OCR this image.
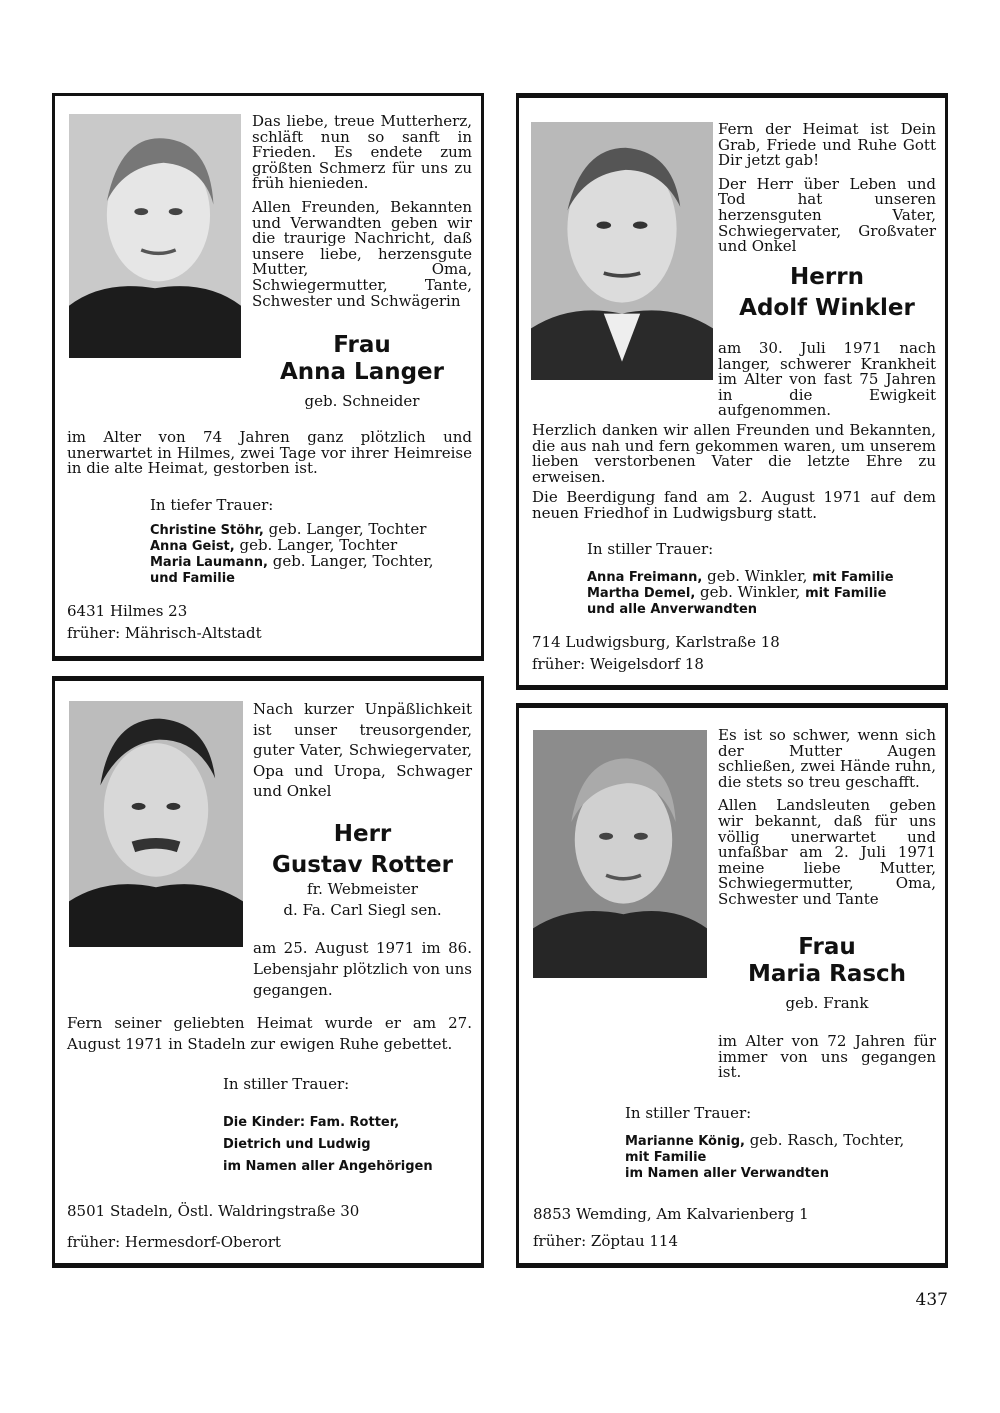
Das liebe, treue Mutterherz, schläft nun so sanft in Frieden. Es endete zum größten Schmerz für uns zu früh hienieden.

Allen Freunden, Bekannten und Verwandten geben wir die traurige Nachricht, daß unsere liebe, herzensgute Mutter, Oma, Schwiegermutter, Tante, Schwester und Schwägerin

Frau
Anna Langer
geb. Schneider
im Alter von 74 Jahren ganz plötzlich und unerwartet in Hilmes, zwei Tage vor ihrer Heimreise in die alte Heimat, gestorben ist.
In tiefer Trauer:
Christine Stöhr, geb. Langer, Tochter
Anna Geist, geb. Langer, Tochter
Maria Laumann, geb. Langer, Tochter,
und Familie
6431 Hilmes 23
früher: Mährisch-Altstadt

Fern der Heimat ist Dein Grab, Friede und Ruhe Gott Dir jetzt gab!

Der Herr über Leben und Tod hat unseren herzensguten Vater, Schwiegervater, Großvater und Onkel

Herrn
Adolf Winkler
am 30. Juli 1971 nach langer, schwerer Krankheit im Alter von fast 75 Jahren in die Ewigkeit aufgenommen.
Herzlich danken wir allen Freunden und Bekannten, die aus nah und fern gekommen waren, um unserem lieben verstorbenen Vater die letzte Ehre zu erweisen.
Die Beerdigung fand am 2. August 1971 auf dem neuen Friedhof in Ludwigsburg statt.
In stiller Trauer:
Anna Freimann, geb. Winkler, mit Familie
Martha Demel, geb. Winkler, mit Familie
und alle Anverwandten
714 Ludwigsburg, Karlstraße 18
früher: Weigelsdorf 18

Nach kurzer Unpäßlichkeit ist unser treusorgender, guter Vater, Schwiegervater, Opa und Uropa, Schwager und Onkel

Herr
Gustav Rotter
fr. Webmeister
d. Fa. Carl Siegl sen.
am 25. August 1971 im 86. Lebensjahr plötzlich von uns gegangen.
Fern seiner geliebten Heimat wurde er am 27. August 1971 in Stadeln zur ewigen Ruhe gebettet.
In stiller Trauer:
Die Kinder: Fam. Rotter,
Dietrich und Ludwig
im Namen aller Angehörigen
8501 Stadeln, Östl. Waldringstraße 30
früher: Hermesdorf-Oberort

Es ist so schwer, wenn sich der Mutter Augen schließen, zwei Hände ruhn, die stets so treu geschafft.

Allen Landsleuten geben wir bekannt, daß für uns völlig unerwartet und unfaßbar am 2. Juli 1971 meine liebe Mutter, Schwiegermutter, Oma, Schwester und Tante

Frau
Maria Rasch
geb. Frank
im Alter von 72 Jahren für immer von uns gegangen ist.
In stiller Trauer:
Marianne König, geb. Rasch, Tochter,
mit Familie
im Namen aller Verwandten
8853 Wemding, Am Kalvarienberg 1
früher: Zöptau 114
437
